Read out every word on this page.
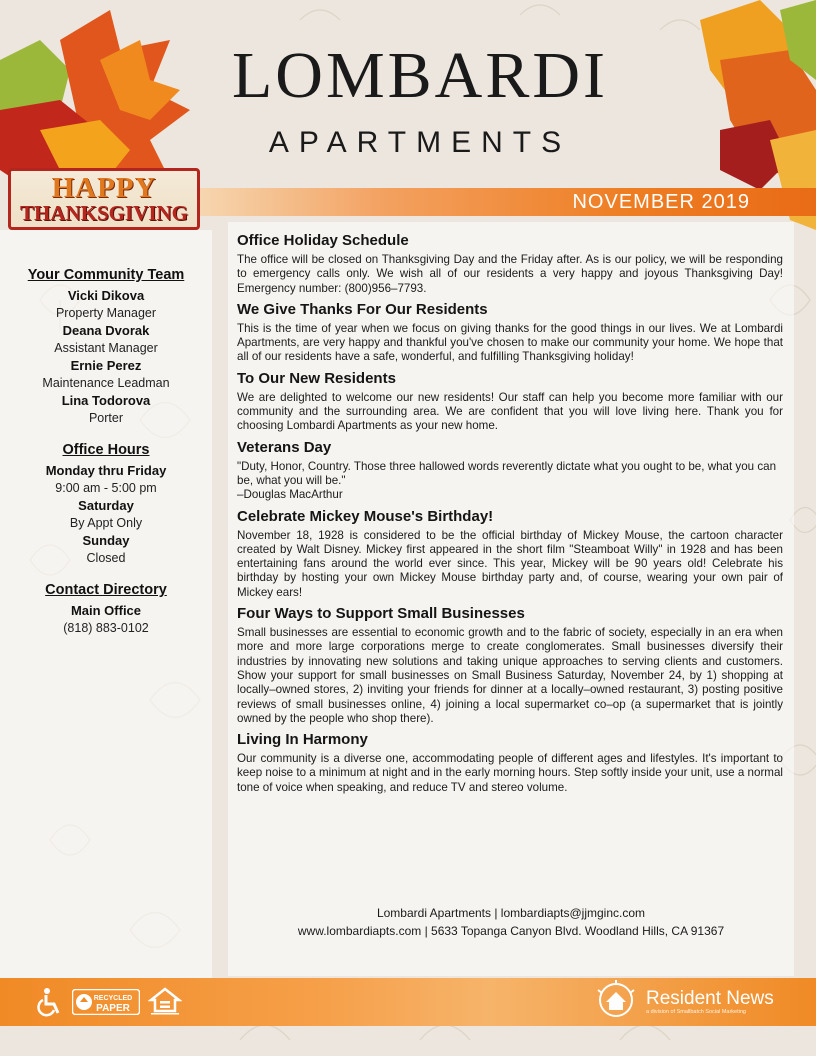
LOMBARDI
APARTMENTS
NOVEMBER 2019
HAPPY
THANKSGIVING
Your Community Team
Vicki Dikova
Property Manager
Deana Dvorak
Assistant Manager
Ernie Perez
Maintenance Leadman
Lina Todorova
Porter
Office Hours
Monday thru Friday
9:00 am - 5:00 pm
Saturday
By Appt Only
Sunday
Closed
Contact Directory
Main Office
(818) 883-0102
Office Holiday Schedule
The office will be closed on Thanksgiving Day and the Friday after. As is our policy, we will be responding to emergency calls only. We wish all of our residents a very happy and joyous Thanksgiving Day! Emergency number: (800)956–7793.
We Give Thanks For Our Residents
This is the time of year when we focus on giving thanks for the good things in our lives. We at Lombardi Apartments, are very happy and thankful you've chosen to make our community your home. We hope that all of our residents have a safe, wonderful, and fulfilling Thanksgiving holiday!
To Our New Residents
We are delighted to welcome our new residents! Our staff can help you become more familiar with our community and the surrounding area. We are confident that you will love living here. Thank you for choosing Lombardi Apartments as your new home.
Veterans Day
"Duty, Honor, Country. Those three hallowed words reverently dictate what you ought to be, what you can be, what you will be."
–Douglas MacArthur
Celebrate Mickey Mouse's Birthday!
November 18, 1928 is considered to be the official birthday of Mickey Mouse, the cartoon character created by Walt Disney. Mickey first appeared in the short film "Steamboat Willy" in 1928 and has been entertaining fans around the world ever since. This year, Mickey will be 90 years old! Celebrate his birthday by hosting your own Mickey Mouse birthday party and, of course, wearing your own pair of Mickey ears!
Four Ways to Support Small Businesses
Small businesses are essential to economic growth and to the fabric of society, especially in an era when more and more large corporations merge to create conglomerates. Small businesses diversify their industries by innovating new solutions and taking unique approaches to serving clients and customers. Show your support for small businesses on Small Business Saturday, November 24, by 1) shopping at locally–owned stores, 2) inviting your friends for dinner at a locally–owned restaurant, 3) posting positive reviews of small businesses online, 4) joining a local supermarket co–op (a supermarket that is jointly owned by the people who shop there).
Living In Harmony
Our community is a diverse one, accommodating people of different ages and lifestyles. It's important to keep noise to a minimum at night and in the early morning hours. Step softly inside your unit, use a normal tone of voice when speaking, and reduce TV and stereo volume.
Lombardi Apartments | lombardiapts@jjmginc.com
www.lombardiapts.com | 5633 Topanga Canyon Blvd. Woodland Hills, CA 91367
RECYCLED
PAPER	Resident News
a division of Smallbatch Social Marketing
